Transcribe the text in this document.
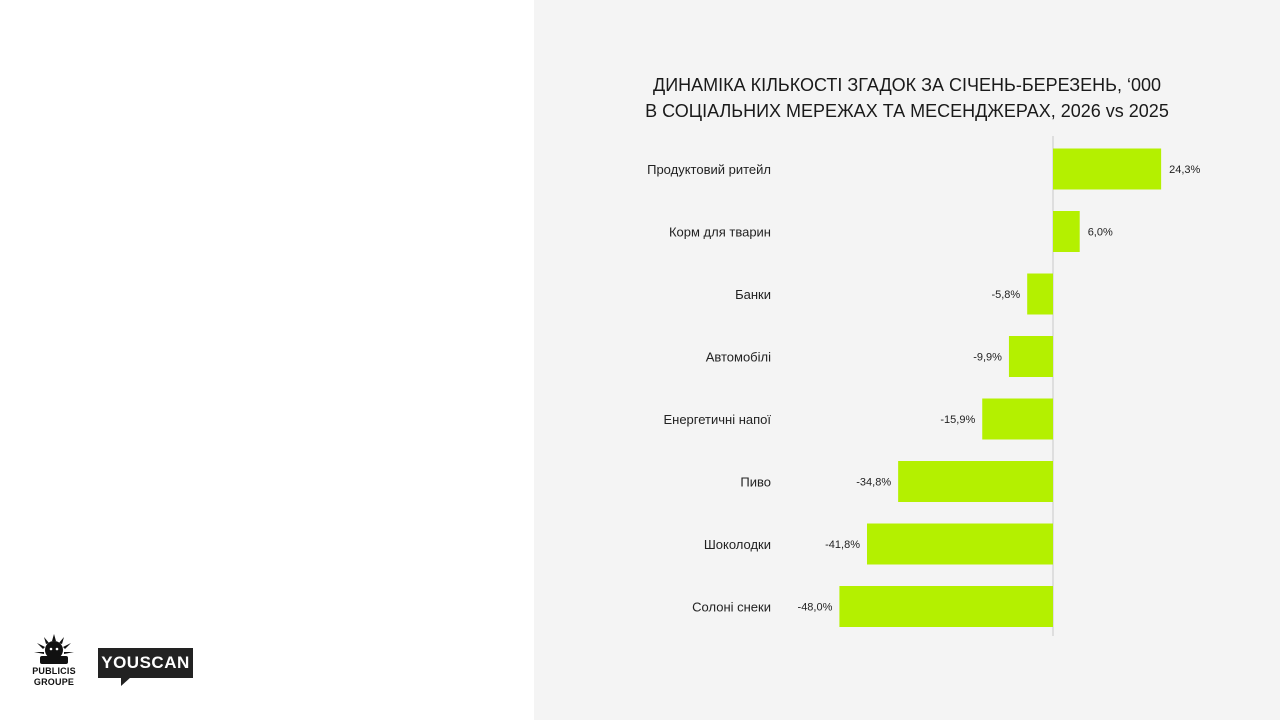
ДИНАМІКА КІЛЬКОСТІ ЗГАДОК ЗА СІЧЕНЬ-БЕРЕЗЕНЬ, ‘000
В СОЦІАЛЬНИХ МЕРЕЖАХ ТА МЕСЕНДЖЕРАХ, 2026 vs 2025
Продуктовий ритейл	24,3%
Корм для тварин	6,0%
Банки	-5,8%
Автомобілі	-9,9%
Енергетичні напої	-15,9%
Пиво	-34,8%
Шоколодки	-41,8%
Солоні снеки -48,0%
PUBLICIS
GROUPE
YOUSCAN
